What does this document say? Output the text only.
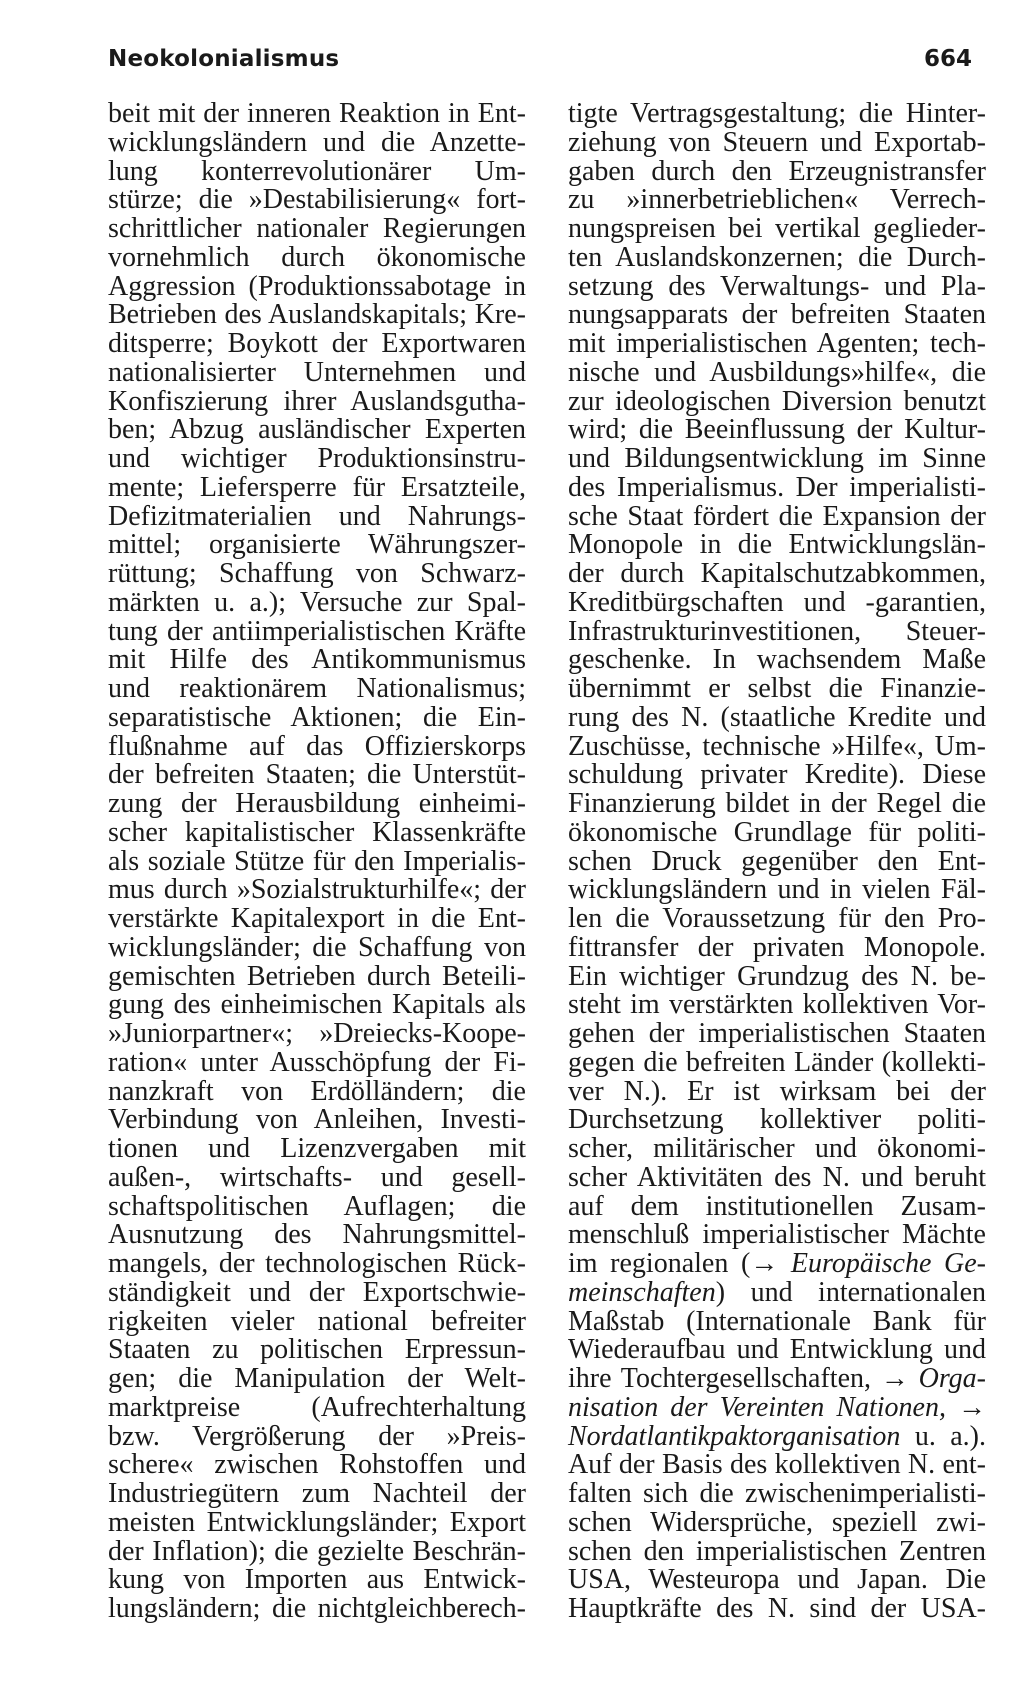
Neokolonialismus	664
beit mit der inneren Reaktion in Ent-
wicklungsländern und die Anzette-
lung konterrevolutionärer Um-
stürze; die »Destabilisierung« fort-
schrittlicher nationaler Regierungen
vornehmlich durch ökonomische
Aggression (Produktionssabotage in
Betrieben des Auslandskapitals; Kre-
ditsperre; Boykott der Exportwaren
nationalisierter Unternehmen und
Konfiszierung ihrer Auslandsgutha-
ben; Abzug ausländischer Experten
und wichtiger Produktionsinstru-
mente; Liefersperre für Ersatzteile,
Defizitmaterialien und Nahrungs-
mittel; organisierte Währungszer-
rüttung; Schaffung von Schwarz-
märkten u. a.); Versuche zur Spal-
tung der antiimperialistischen Kräfte
mit Hilfe des Antikommunismus
und reaktionärem Nationalismus;
separatistische Aktionen; die Ein-
flußnahme auf das Offizierskorps
der befreiten Staaten; die Unterstüt-
zung der Herausbildung einheimi-
scher kapitalistischer Klassenkräfte
als soziale Stütze für den Imperialis-
mus durch »Sozialstrukturhilfe«; der
verstärkte Kapitalexport in die Ent-
wicklungsländer; die Schaffung von
gemischten Betrieben durch Beteili-
gung des einheimischen Kapitals als
»Juniorpartner«; »Dreiecks-Koope-
ration« unter Ausschöpfung der Fi-
nanzkraft von Erdölländern; die
Verbindung von Anleihen, Investi-
tionen und Lizenzvergaben mit
außen-, wirtschafts- und gesell-
schaftspolitischen Auflagen; die
Ausnutzung des Nahrungsmittel-
mangels, der technologischen Rück-
ständigkeit und der Exportschwie-
rigkeiten vieler national befreiter
Staaten zu politischen Erpressun-
gen; die Manipulation der Welt-
marktpreise (Aufrechterhaltung
bzw. Vergrößerung der »Preis-
schere« zwischen Rohstoffen und
Industriegütern zum Nachteil der
meisten Entwicklungsländer; Export
der Inflation); die gezielte Beschrän-
kung von Importen aus Entwick-
lungsländern; die nichtgleichberech-
tigte Vertragsgestaltung; die Hinter-
ziehung von Steuern und Exportab-
gaben durch den Erzeugnistransfer
zu »innerbetrieblichen« Verrech-
nungspreisen bei vertikal geglieder-
ten Auslandskonzernen; die Durch-
setzung des Verwaltungs- und Pla-
nungsapparats der befreiten Staaten
mit imperialistischen Agenten; tech-
nische und Ausbildungs»hilfe«, die
zur ideologischen Diversion benutzt
wird; die Beeinflussung der Kultur-
und Bildungsentwicklung im Sinne
des Imperialismus. Der imperialisti-
sche Staat fördert die Expansion der
Monopole in die Entwicklungslän-
der durch Kapitalschutzabkommen,
Kreditbürgschaften und -garantien,
Infrastrukturinvestitionen, Steuer-
geschenke. In wachsendem Maße
übernimmt er selbst die Finanzie-
rung des N. (staatliche Kredite und
Zuschüsse, technische »Hilfe«, Um-
schuldung privater Kredite). Diese
Finanzierung bildet in der Regel die
ökonomische Grundlage für politi-
schen Druck gegenüber den Ent-
wicklungsländern und in vielen Fäl-
len die Voraussetzung für den Pro-
fittransfer der privaten Monopole.
Ein wichtiger Grundzug des N. be-
steht im verstärkten kollektiven Vor-
gehen der imperialistischen Staaten
gegen die befreiten Länder (kollekti-
ver N.). Er ist wirksam bei der
Durchsetzung kollektiver politi-
scher, militärischer und ökonomi-
scher Aktivitäten des N. und beruht
auf dem institutionellen Zusam-
menschluß imperialistischer Mächte
im regionalen (→ Europäische Ge-
meinschaften) und internationalen
Maßstab (Internationale Bank für
Wiederaufbau und Entwicklung und
ihre Tochtergesellschaften, → Orga-
nisation der Vereinten Nationen, →
Nordatlantikpaktorganisation u. a.).
Auf der Basis des kollektiven N. ent-
falten sich die zwischenimperialisti-
schen Widersprüche, speziell zwi-
schen den imperialistischen Zentren
USA, Westeuropa und Japan. Die
Hauptkräfte des N. sind der USA-
